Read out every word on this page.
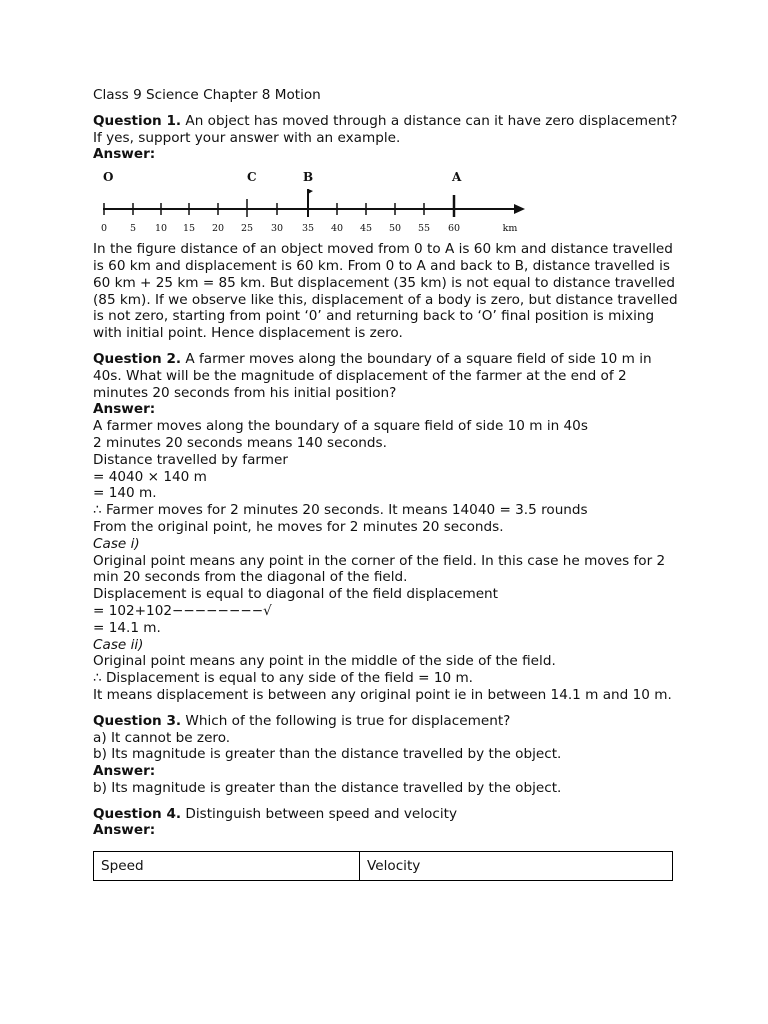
Class 9 Science Chapter 8 Motion

Question 1. An object has moved through a distance can it have zero displacement? If yes, support your answer with an example.

Answer:

O	C	B	A
0 5 10 15 20 25 30 35 40 45 50 55 60	km

In the figure distance of an object moved from 0 to A is 60 km and distance travelled is 60 km and displacement is 60 km. From 0 to A and back to B, distance travelled is 60 km + 25 km = 85 km. But displacement (35 km) is not equal to distance travelled (85 km). If we observe like this, displacement of a body is zero, but distance travelled is not zero, starting from point ‘0’ and returning back to ‘O’ final position is mixing with initial point. Hence displacement is zero.

Question 2. A farmer moves along the boundary of a square field of side 10 m in 40s. What will be the magnitude of displacement of the farmer at the end of 2 minutes 20 seconds from his initial position?

Answer:

A farmer moves along the boundary of a square field of side 10 m in 40s

2 minutes 20 seconds means 140 seconds.

Distance travelled by farmer

= 4040 × 140 m

= 140 m.

∴ Farmer moves for 2 minutes 20 seconds. It means 14040 = 3.5 rounds

From the original point, he moves for 2 minutes 20 seconds.

Case i)

Original point means any point in the corner of the field. In this case he moves for 2 min 20 seconds from the diagonal of the field.

Displacement is equal to diagonal of the field displacement

= 102+102−−−−−−−−√

= 14.1 m.

Case ii)

Original point means any point in the middle of the side of the field.

∴ Displacement is equal to any side of the field = 10 m.

It means displacement is between any original point ie in between 14.1 m and 10 m.

Question 3. Which of the following is true for displacement?

a) It cannot be zero.

b) Its magnitude is greater than the distance travelled by the object.

Answer:

b) Its magnitude is greater than the distance travelled by the object.

Question 4. Distinguish between speed and velocity

Answer:

Speed	Velocity
